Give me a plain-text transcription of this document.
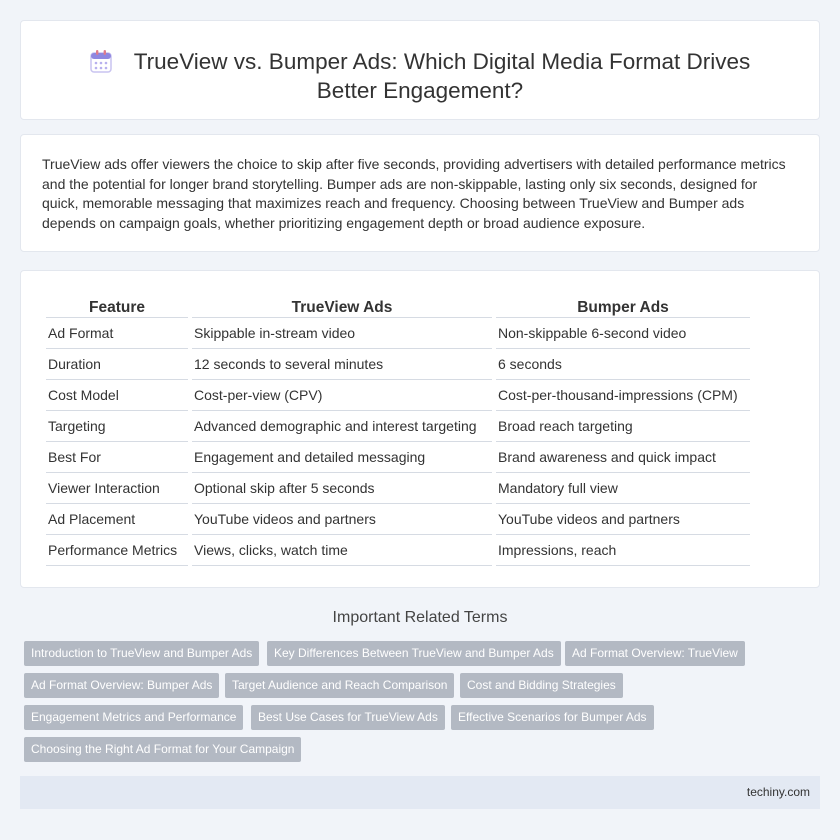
TrueView vs. Bumper Ads: Which Digital Media Format Drives Better Engagement?

TrueView ads offer viewers the choice to skip after five seconds, providing advertisers with detailed performance metrics and the potential for longer brand storytelling. Bumper ads are non-skippable, lasting only six seconds, designed for quick, memorable messaging that maximizes reach and frequency. Choosing between TrueView and Bumper ads depends on campaign goals, whether prioritizing engagement depth or broad audience exposure.

Feature	TrueView Ads	Bumper Ads
Ad Format	Skippable in-stream video	Non-skippable 6-second video
Duration	12 seconds to several minutes	6 seconds
Cost Model	Cost-per-view (CPV)	Cost-per-thousand-impressions (CPM)
Targeting	Advanced demographic and interest targeting	Broad reach targeting
Best For	Engagement and detailed messaging	Brand awareness and quick impact
Viewer Interaction	Optional skip after 5 seconds	Mandatory full view
Ad Placement	YouTube videos and partners	YouTube videos and partners
Performance Metrics	Views, clicks, watch time	Impressions, reach
Important Related Terms
Introduction to TrueView and Bumper Ads	Key Differences Between TrueView and Bumper Ads	Ad Format Overview: TrueView
Ad Format Overview: Bumper Ads	Target Audience and Reach Comparison	Cost and Bidding Strategies
Engagement Metrics and Performance	Best Use Cases for TrueView Ads	Effective Scenarios for Bumper Ads
Choosing the Right Ad Format for Your Campaign
techiny.com
